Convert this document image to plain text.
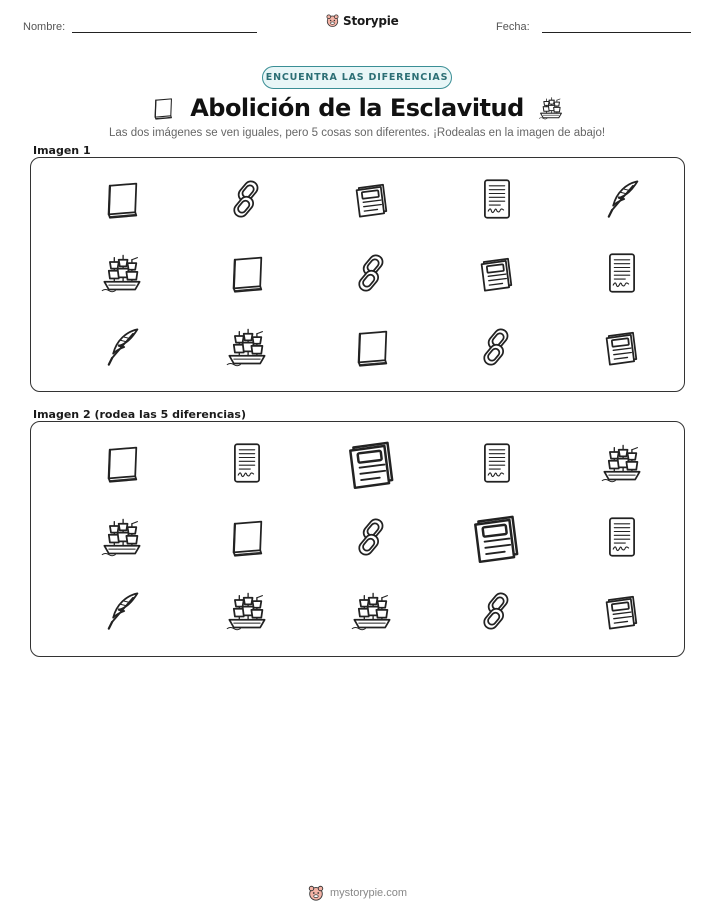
Nombre:	Storypie	Fecha:
ENCUENTRA LAS DIFERENCIAS
Abolición de la Esclavitud

Las dos imágenes se ven iguales, pero 5 cosas son diferentes. ¡Rodealas en la imagen de abajo!

Imagen 1
Imagen 2 (rodea las 5 diferencias)
mystorypie.com
